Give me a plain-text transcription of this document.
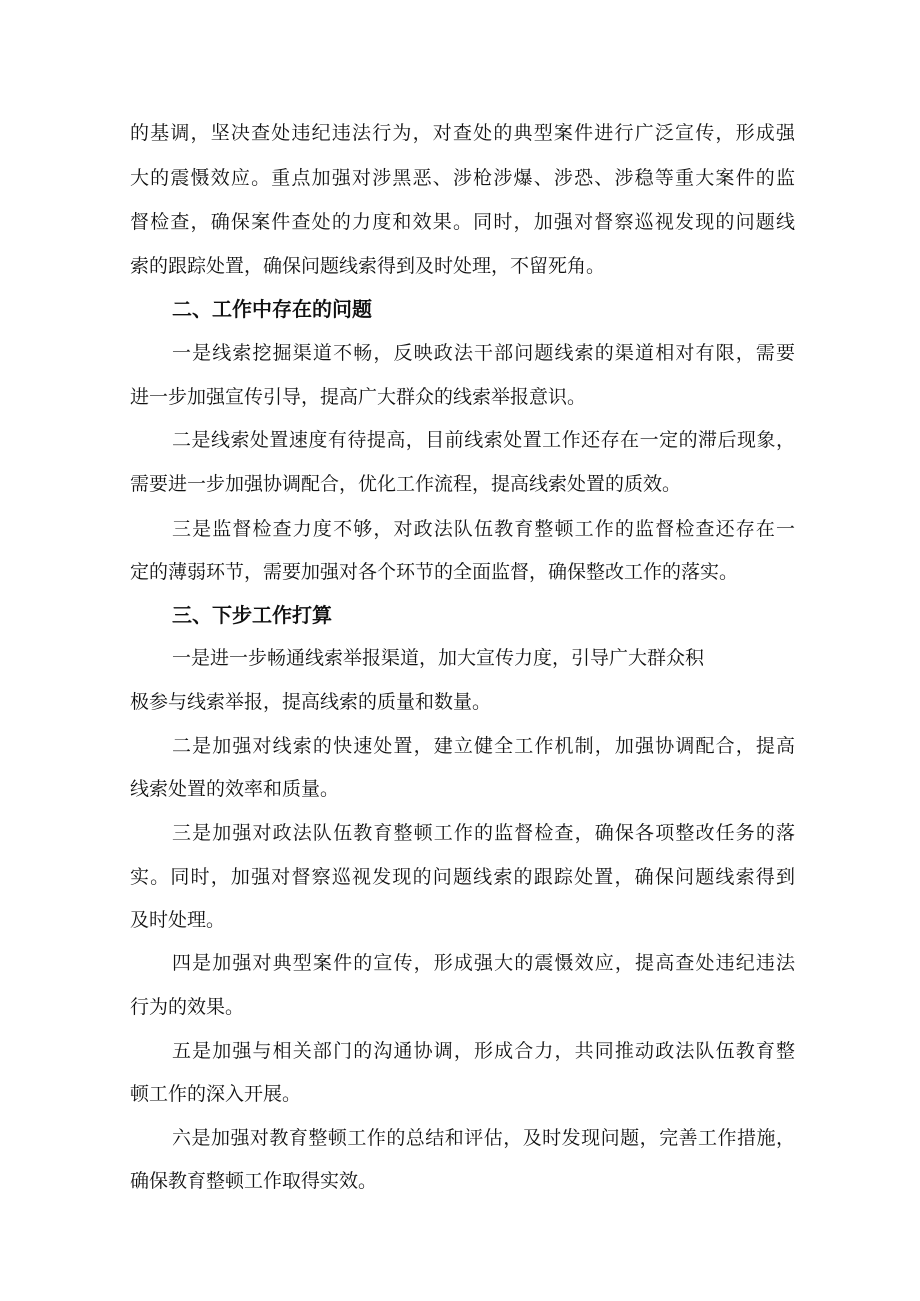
的基调，坚决查处违纪违法行为，对查处的典型案件进行广泛宣传，形成强
大的震慑效应。重点加强对涉黑恶、涉枪涉爆、涉恐、涉稳等重大案件的监
督检查，确保案件查处的力度和效果。同时，加强对督察巡视发现的问题线
索的跟踪处置，确保问题线索得到及时处理，不留死角。
二、工作中存在的问题
一是线索挖掘渠道不畅，反映政法干部问题线索的渠道相对有限，需要
进一步加强宣传引导，提高广大群众的线索举报意识。
二是线索处置速度有待提高，目前线索处置工作还存在一定的滞后现象，
需要进一步加强协调配合，优化工作流程，提高线索处置的质效。
三是监督检查力度不够，对政法队伍教育整顿工作的监督检查还存在一
定的薄弱环节，需要加强对各个环节的全面监督，确保整改工作的落实。
三、下步工作打算
一是进一步畅通线索举报渠道，加大宣传力度，引导广大群众积
极参与线索举报，提高线索的质量和数量。
二是加强对线索的快速处置，建立健全工作机制，加强协调配合，提高
线索处置的效率和质量。
三是加强对政法队伍教育整顿工作的监督检查，确保各项整改任务的落
实。同时，加强对督察巡视发现的问题线索的跟踪处置，确保问题线索得到
及时处理。
四是加强对典型案件的宣传，形成强大的震慑效应，提高查处违纪违法
行为的效果。
五是加强与相关部门的沟通协调，形成合力，共同推动政法队伍教育整
顿工作的深入开展。
六是加强对教育整顿工作的总结和评估，及时发现问题，完善工作措施，
确保教育整顿工作取得实效。
